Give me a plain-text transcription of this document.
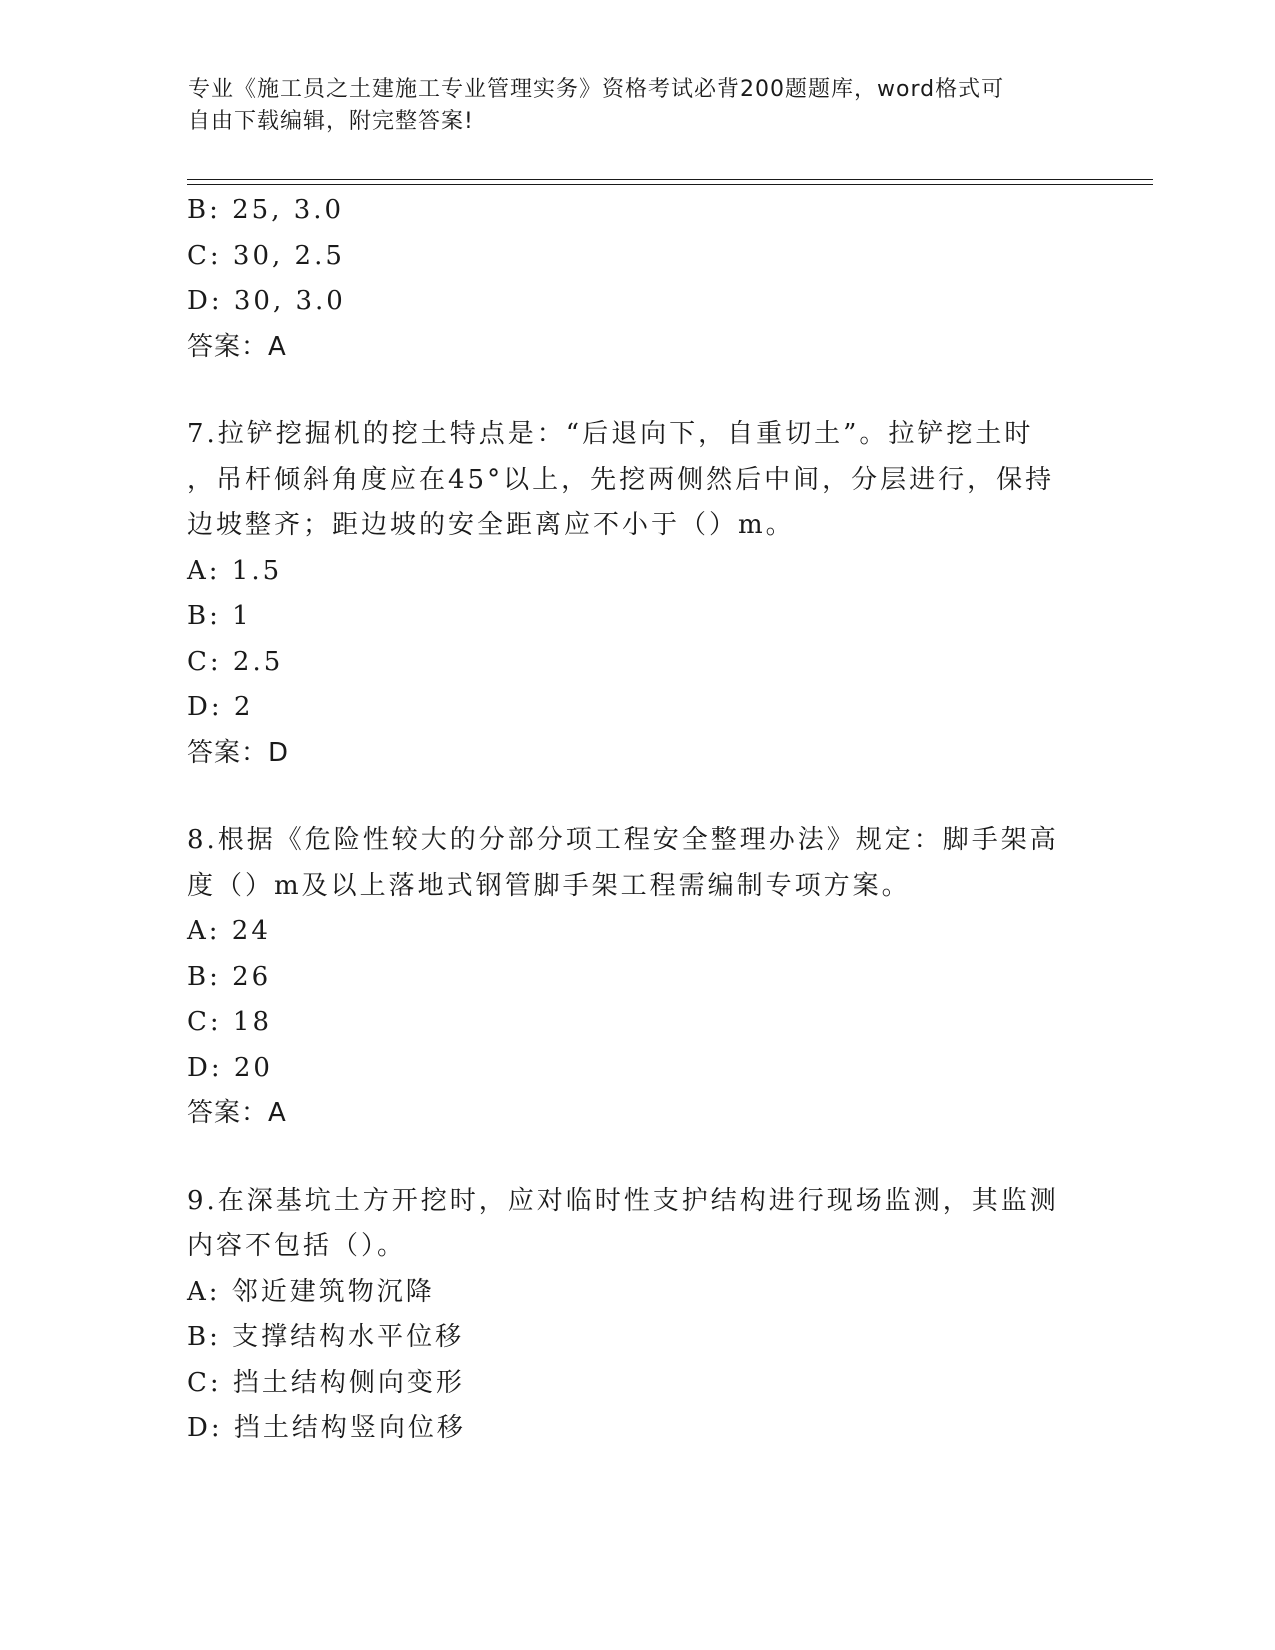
专业《施工员之土建施工专业管理实务》资格考试必背200题题库，word格式可
自由下载编辑，附完整答案!
B: 25, 3.0
C: 30, 2.5
D: 30, 3.0
答案：A
7.拉铲挖掘机的挖土特点是：“后退向下，自重切土”。拉铲挖土时
，吊杆倾斜角度应在45°以上，先挖两侧然后中间，分层进行，保持
边坡整齐；距边坡的安全距离应不小于（）m。
A: 1.5
B: 1
C: 2.5
D: 2
答案：D
8.根据《危险性较大的分部分项工程安全整理办法》规定：脚手架高
度（）m及以上落地式钢管脚手架工程需编制专项方案。
A: 24
B: 26
C: 18
D: 20
答案：A
9.在深基坑土方开挖时，应对临时性支护结构进行现场监测，其监测
内容不包括（）。
A: 邻近建筑物沉降
B: 支撑结构水平位移
C: 挡土结构侧向变形
D: 挡土结构竖向位移
